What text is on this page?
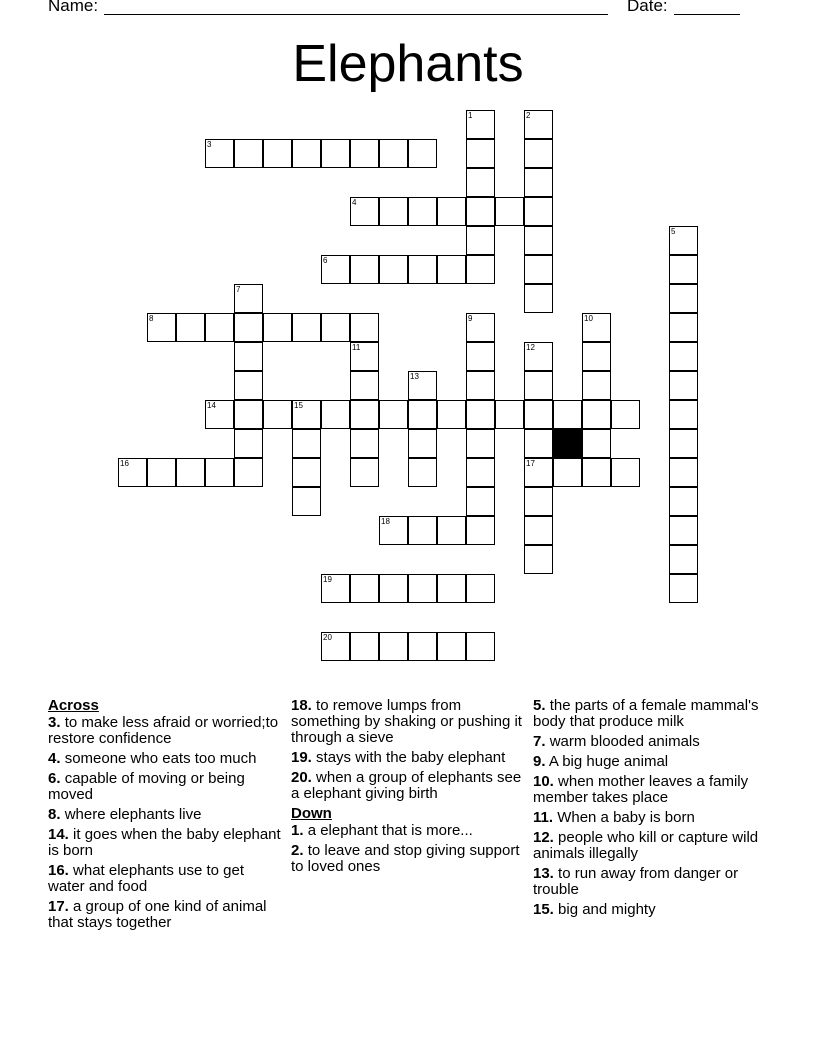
Name:	Date:
Elephants
1	2
3
4
5
6
7
8	9	10
11	12
13
14	15
16	17
18
19
20
Across
3. to make less afraid or worried;to restore confidence
4. someone who eats too much
6. capable of moving or being moved
8. where elephants live
14. it goes when the baby elephant is born
16. what elephants use to get water and food
17. a group of one kind of animal that stays together
18. to remove lumps from something by shaking or pushing it through a sieve
19. stays with the baby elephant
20. when a group of elephants see a elephant giving birth
Down
1. a elephant that is more...
2. to leave and stop giving support to loved ones
5. the parts of a female mammal's body that produce milk
7. warm blooded animals
9. A big huge animal
10. when mother leaves a family member takes place
11. When a baby is born
12. people who kill or capture wild animals illegally
13. to run away from danger or trouble
15. big and mighty
